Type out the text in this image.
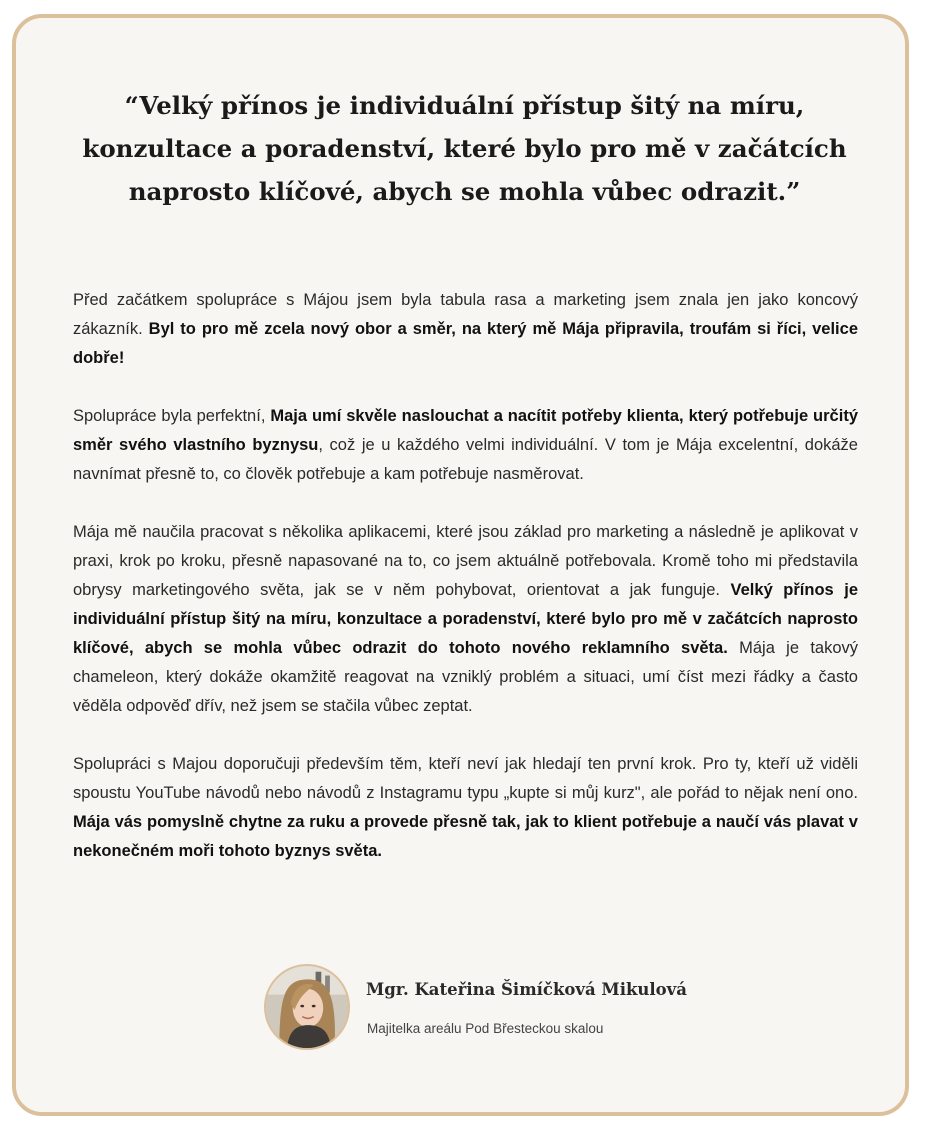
“Velký přínos je individuální přístup šitý na míru,
konzultace a poradenství, které bylo pro mě v začátcích
naprosto klíčové, abych se mohla vůbec odrazit.”

Před začátkem spolupráce s Májou jsem byla tabula rasa a marketing jsem znala jen jako koncový zákazník. Byl to pro mě zcela nový obor a směr, na který mě Mája připravila, troufám si říci, velice dobře!

Spolupráce byla perfektní, Maja umí skvěle naslouchat a nacítit potřeby klienta, který potřebuje určitý směr svého vlastního byznysu, což je u každého velmi individuální. V tom je Mája excelentní, dokáže navnímat přesně to, co člověk potřebuje a kam potřebuje nasměrovat.

Mája mě naučila pracovat s několika aplikacemi, které jsou základ pro marketing a následně je aplikovat v praxi, krok po kroku, přesně napasované na to, co jsem aktuálně potřebovala. Kromě toho mi představila obrysy marketingového světa, jak se v něm pohybovat, orientovat a jak funguje. Velký přínos je individuální přístup šitý na míru, konzultace a poradenství, které bylo pro mě v začátcích naprosto klíčové, abych se mohla vůbec odrazit do tohoto nového reklamního světa. Mája je takový chameleon, který dokáže okamžitě reagovat na vzniklý problém a situaci, umí číst mezi řádky a často věděla odpověď dřív, než jsem se stačila vůbec zeptat.

Spolupráci s Majou doporučuji především těm, kteří neví jak hledají ten první krok. Pro ty, kteří už viděli spoustu YouTube návodů nebo návodů z Instagramu typu „kupte si můj kurz", ale pořád to nějak není ono. Mája vás pomyslně chytne za ruku a provede přesně tak, jak to klient potřebuje a naučí vás plavat v nekonečném moři tohoto byznys světa.

Mgr. Kateřina Šimíčková Mikulová
Majitelka areálu Pod Břesteckou skalou
